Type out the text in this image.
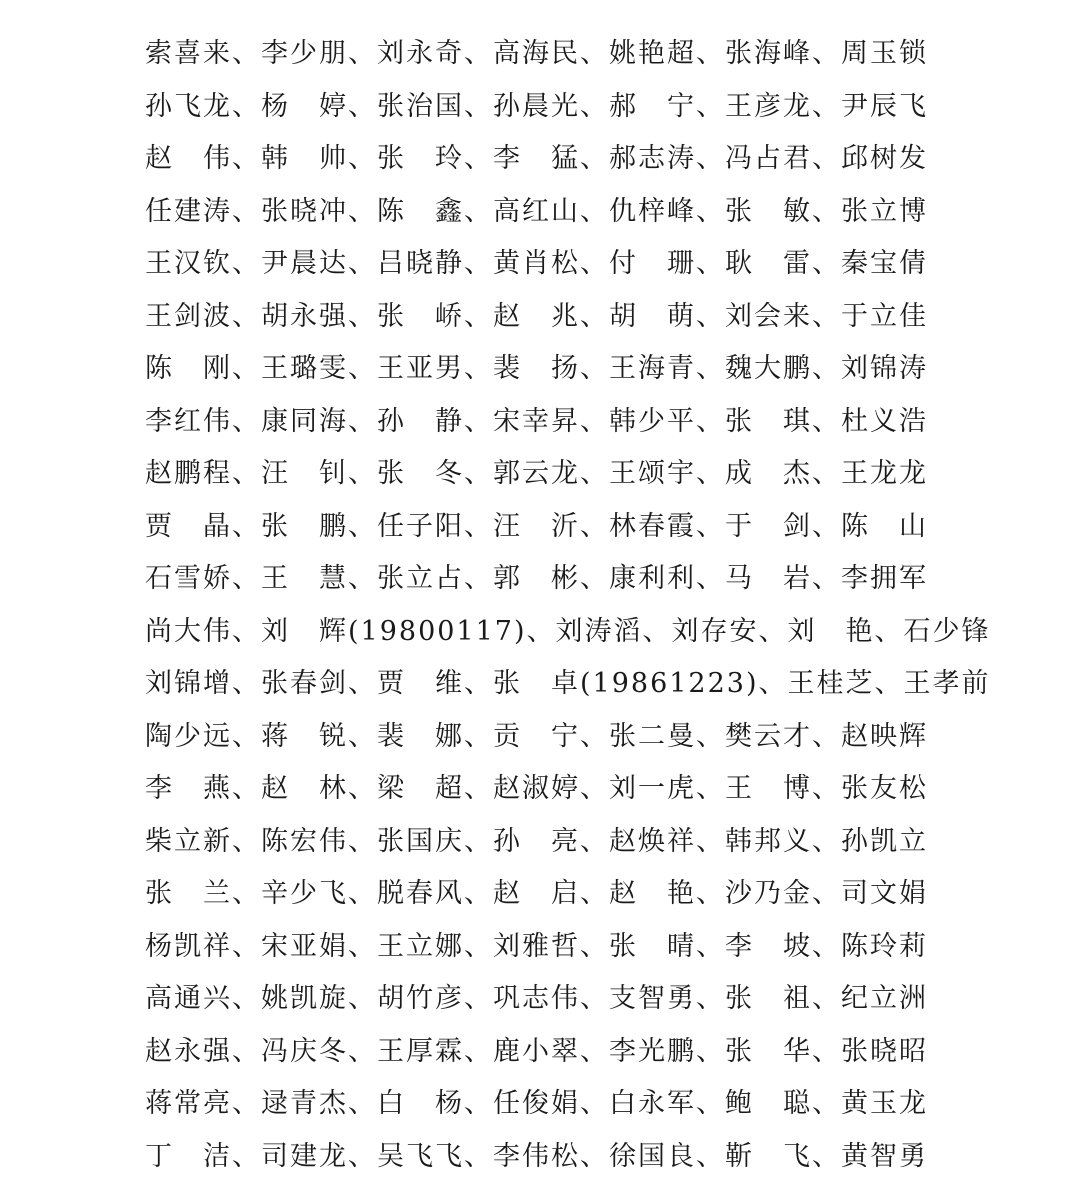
索喜来、李少朋、刘永奇、高海民、姚艳超、张海峰、周玉锁
孙飞龙、杨　婷、张治国、孙晨光、郝　宁、王彦龙、尹辰飞
赵　伟、韩　帅、张　玲、李　猛、郝志涛、冯占君、邱树发
任建涛、张晓冲、陈　鑫、高红山、仇梓峰、张　敏、张立博
王汉钦、尹晨达、吕晓静、黄肖松、付　珊、耿　雷、秦宝倩
王剑波、胡永强、张　峤、赵　兆、胡　萌、刘会来、于立佳
陈　刚、王璐雯、王亚男、裴　扬、王海青、魏大鹏、刘锦涛
李红伟、康同海、孙　静、宋幸昇、韩少平、张　琪、杜义浩
赵鹏程、汪　钊、张　冬、郭云龙、王颂宇、成　杰、王龙龙
贾　晶、张　鹏、任子阳、汪　沂、林春霞、于　剑、陈　山
石雪娇、王　慧、张立占、郭　彬、康利利、马　岩、李拥军
尚大伟、刘　辉(19800117)、刘涛滔、刘存安、刘　艳、石少锋
刘锦增、张春剑、贾　维、张　卓(19861223)、王桂芝、王孝前
陶少远、蒋　锐、裴　娜、贡　宁、张二曼、樊云才、赵映辉
李　燕、赵　林、梁　超、赵淑婷、刘一虎、王　博、张友松
柴立新、陈宏伟、张国庆、孙　亮、赵焕祥、韩邦义、孙凯立
张　兰、辛少飞、脱春风、赵　启、赵　艳、沙乃金、司文娟
杨凯祥、宋亚娟、王立娜、刘雅哲、张　晴、李　坡、陈玲莉
高通兴、姚凯旋、胡竹彦、巩志伟、支智勇、张　祖、纪立洲
赵永强、冯庆冬、王厚霖、鹿小翠、李光鹏、张　华、张晓昭
蒋常亮、逯青杰、白　杨、任俊娟、白永军、鲍　聪、黄玉龙
丁　洁、司建龙、吴飞飞、李伟松、徐国良、靳　飞、黄智勇
